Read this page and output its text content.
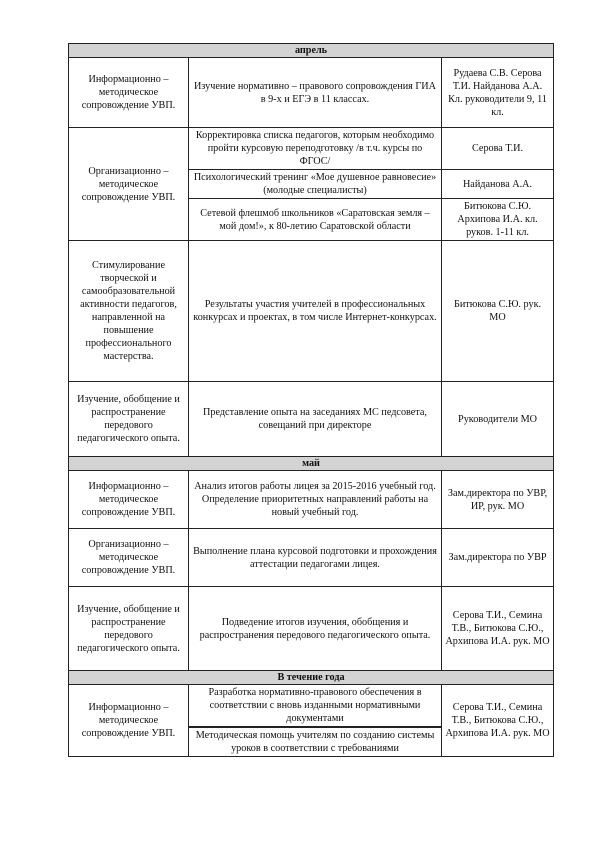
апрель		
Информационно – методическое сопровождение УВП.	Изучение нормативно – правового сопровождения ГИА в 9-х и ЕГЭ в 11 классах.	Рудаева С.В. Серова Т.И. Найданова А.А. Кл. руководители 9, 11 кл.
Организационно – методическое сопровождение УВП.	Корректировка списка педагогов, которым необходимо пройти курсовую переподготовку /в т.ч. курсы по ФГОС/	Серова Т.И.
	Психологический тренинг «Мое душевное равновесие» (молодые специалисты)	Найданова А.А.
	Сетевой флешмоб школьников «Саратовская земля – мой дом!», к 80-летию Саратовской области	Битюкова С.Ю. Архипова И.А. кл. руков. 1-11 кл.
Стимулирование творческой и самообразовательной активности педагогов, направленной на повышение профессионального мастерства.	Результаты участия учителей в профессиональных конкурсах и проектах, в том числе Интернет-конкурсах.	Битюкова С.Ю. рук. МО
Изучение, обобщение и распространение передового педагогического опыта.	Представление опыта на заседаниях МС педсовета, совещаний при директоре	Руководители МО
май		
Информационно – методическое сопровождение УВП.	Анализ итогов работы лицея за 2015-2016 учебный год. Определение приоритетных направлений работы на новый учебный год.	Зам.директора по УВР, ИР, рук. МО
Организационно – методическое сопровождение УВП.	Выполнение плана курсовой подготовки и прохождения аттестации педагогами лицея.	Зам.директора по УВР
Изучение, обобщение и распространение передового педагогического опыта.	Подведение итогов изучения, обобщения и распространения передового педагогического опыта.	Серова Т.И., Семина Т.В., Битюкова С.Ю., Архипова И.А. рук. МО
В течение года		
Информационно – методическое сопровождение УВП.	Разработка нормативно-правового обеспечения в соответствии с вновь изданными нормативными документами	Серова Т.И., Семина Т.В., Битюкова С.Ю., Архипова И.А. рук. МО
	Методическая помощь учителям по созданию системы уроков в соответствии с требованиями	
